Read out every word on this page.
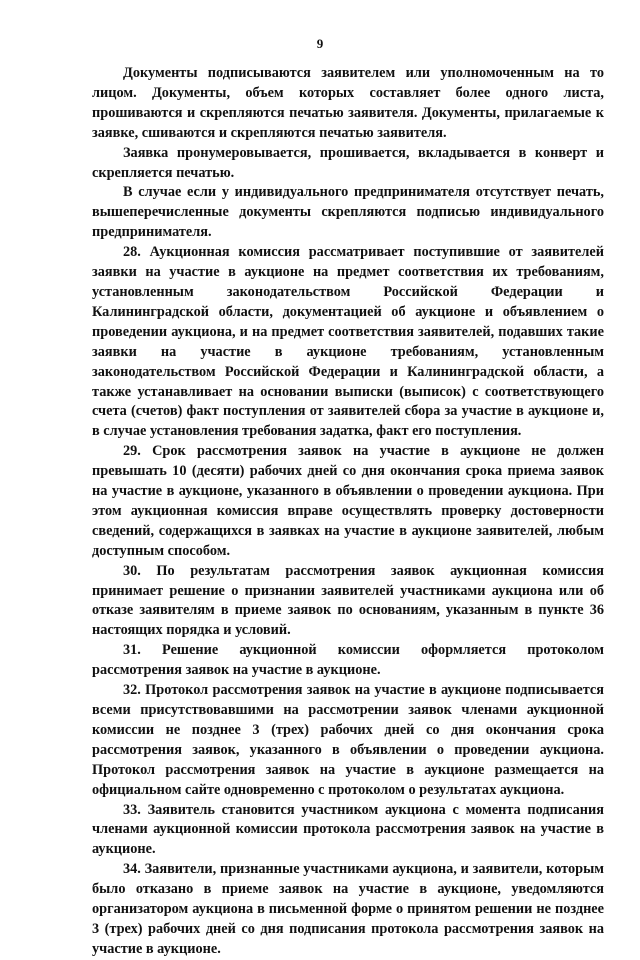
9

Документы подписываются заявителем или уполномоченным на то лицом. Документы, объем которых составляет более одного листа, прошиваются и скрепляются печатью заявителя. Документы, прилагаемые к заявке, сшиваются и скрепляются печатью заявителя.

Заявка пронумеровывается, прошивается, вкладывается в конверт и скрепляется печатью.

В случае если у индивидуального предпринимателя отсутствует печать, вышеперечисленные документы скрепляются подписью индивидуального предпринимателя.

28. Аукционная комиссия рассматривает поступившие от заявителей заявки на участие в аукционе на предмет соответствия их требованиям, установленным законодательством Российской Федерации и Калининградской области, документацией об аукционе и объявлением о проведении аукциона, и на предмет соответствия заявителей, подавших такие заявки на участие в аукционе требованиям, установленным законодательством Российской Федерации и Калининградской области, а также устанавливает на основании выписки (выписок) с соответствующего счета (счетов) факт поступления от заявителей сбора за участие в аукционе и, в случае установления требования задатка, факт его поступления.

29. Срок рассмотрения заявок на участие в аукционе не должен превышать 10 (десяти) рабочих дней со дня окончания срока приема заявок на участие в аукционе, указанного в объявлении о проведении аукциона. При этом аукционная комиссия вправе осуществлять проверку достоверности сведений, содержащихся в заявках на участие в аукционе заявителей, любым доступным способом.

30. По результатам рассмотрения заявок аукционная комиссия принимает решение о признании заявителей участниками аукциона или об отказе заявителям в приеме заявок по основаниям, указанным в пункте 36 настоящих порядка и условий.

31. Решение аукционной комиссии оформляется протоколом рассмотрения заявок на участие в аукционе.

32. Протокол рассмотрения заявок на участие в аукционе подписывается всеми присутствовавшими на рассмотрении заявок членами аукционной комиссии не позднее 3 (трех) рабочих дней со дня окончания срока рассмотрения заявок, указанного в объявлении о проведении аукциона. Протокол рассмотрения заявок на участие в аукционе размещается на официальном сайте одновременно с протоколом о результатах аукциона.

33. Заявитель становится участником аукциона с момента подписания членами аукционной комиссии протокола рассмотрения заявок на участие в аукционе.

34. Заявители, признанные участниками аукциона, и заявители, которым было отказано в приеме заявок на участие в аукционе, уведомляются организатором аукциона в письменной форме о принятом решении не позднее 3 (трех) рабочих дней со дня подписания протокола рассмотрения заявок на участие в аукционе.
